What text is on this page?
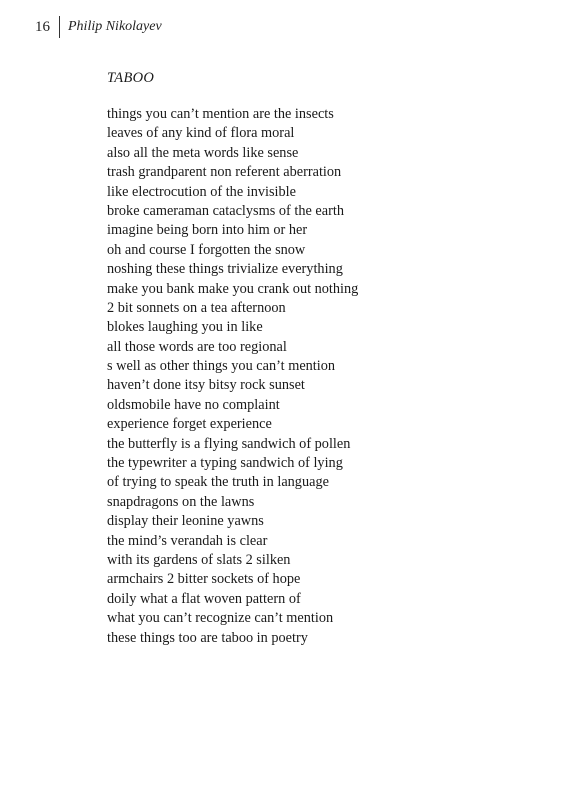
16 Philip Nikolayev
TABOO
things you can’t mention are the insects
leaves of any kind of flora moral
also all the meta words like sense
trash grandparent non referent aberration
like electrocution of the invisible
broke cameraman cataclysms of the earth
imagine being born into him or her
oh and course I forgotten the snow
noshing these things trivialize everything
make you bank make you crank out nothing
2 bit sonnets on a tea afternoon
blokes laughing you in like
all those words are too regional
s well as other things you can’t mention
haven’t done itsy bitsy rock sunset
oldsmobile have no complaint
experience forget experience
the butterfly is a flying sandwich of pollen
the typewriter a typing sandwich of lying
of trying to speak the truth in language
snapdragons on the lawns
display their leonine yawns
the mind’s verandah is clear
with its gardens of slats 2 silken
armchairs 2 bitter sockets of hope
doily what a flat woven pattern of
what you can’t recognize can’t mention
these things too are taboo in poetry
